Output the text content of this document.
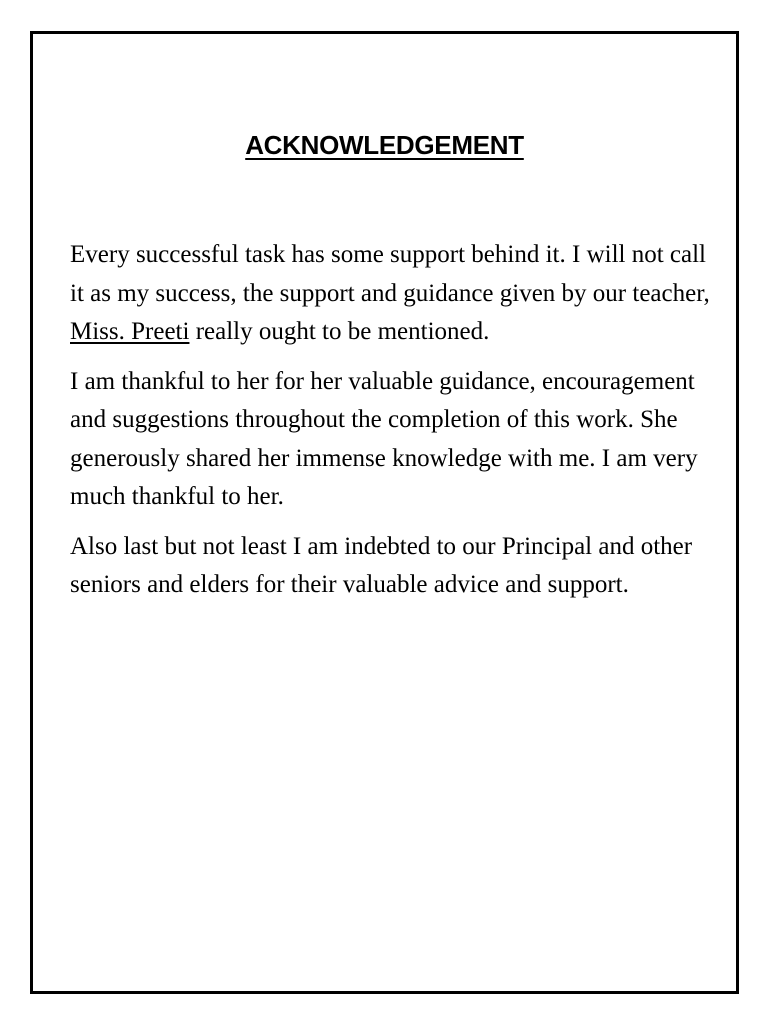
ACKNOWLEDGEMENT

Every successful task has some support behind it. I will not call it as my success, the support and guidance given by our teacher, Miss. Preeti really ought to be mentioned.

I am thankful to her for her valuable guidance, encouragement and suggestions throughout the completion of this work. She generously shared her immense knowledge with me. I am very much thankful to her.

Also last but not least I am indebted to our Principal and other seniors and elders for their valuable advice and support.
